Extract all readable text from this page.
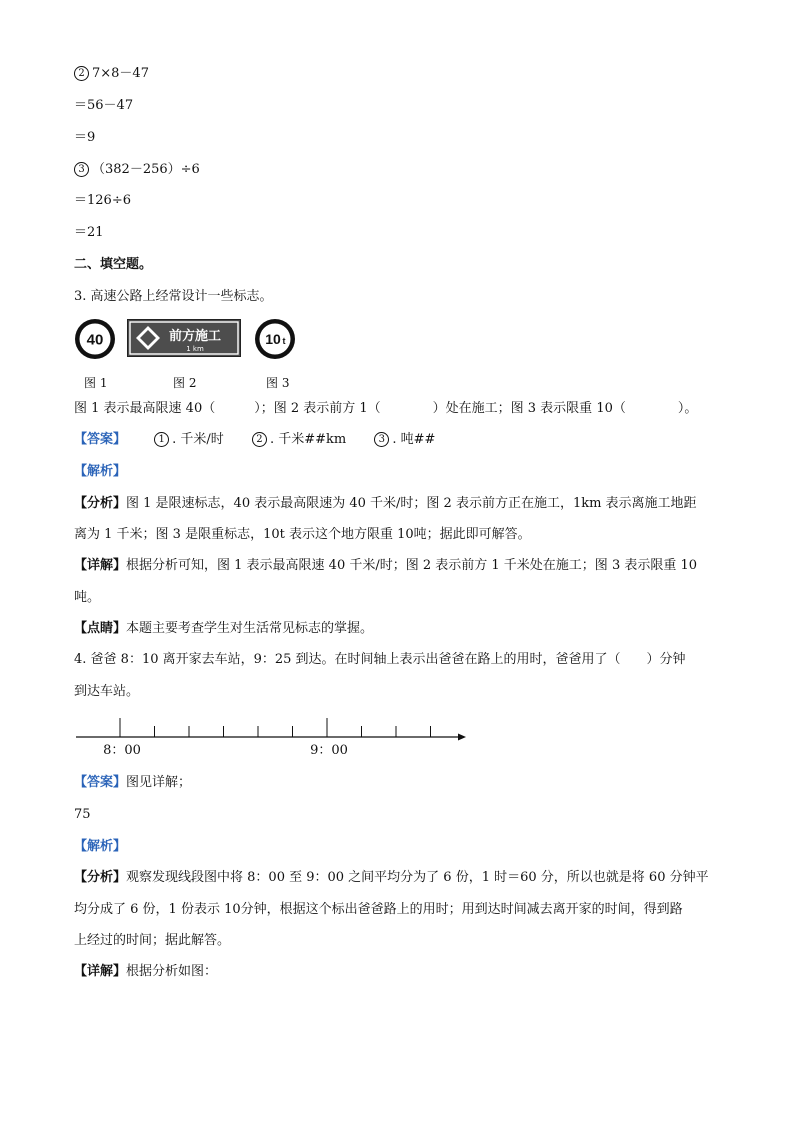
2 7×8－47
＝56－47
＝9
3 （382－256）÷6
＝126÷6
＝21
二、填空题。
3. 高速公路上经常设计一些标志。
40	前方施工
1 km
10 t
图 1	图 2	图 3
图 1 表示最高限速 40（　　　）；图 2 表示前方 1（　　　　）处在施工；图 3 表示限重 10（　　　　）。
【答案】	1 . 千米/时	2 . 千米##km	3 . 吨##
【解析】
【分析】图 1 是限速标志，40 表示最高限速为 40 千米/时；图 2 表示前方正在施工，1km 表示离施工地距
离为 1 千米；图 3 是限重标志，10t 表示这个地方限重 10吨；据此即可解答。
【详解】根据分析可知，图 1 表示最高限速 40 千米/时；图 2 表示前方 1 千米处在施工；图 3 表示限重 10
吨。
【点睛】本题主要考查学生对生活常见标志的掌握。
4. 爸爸 8：10 离开家去车站，9：25 到达。在时间轴上表示出爸爸在路上的用时，爸爸用了（　　）分钟
到达车站。
8：00	9：00
【答案】图见详解；
75
【解析】
【分析】观察发现线段图中将 8：00 至 9：00 之间平均分为了 6 份，1 时＝60 分，所以也就是将 60 分钟平
均分成了 6 份，1 份表示 10分钟，根据这个标出爸爸路上的用时；用到达时间减去离开家的时间，得到路
上经过的时间；据此解答。
【详解】根据分析如图：
